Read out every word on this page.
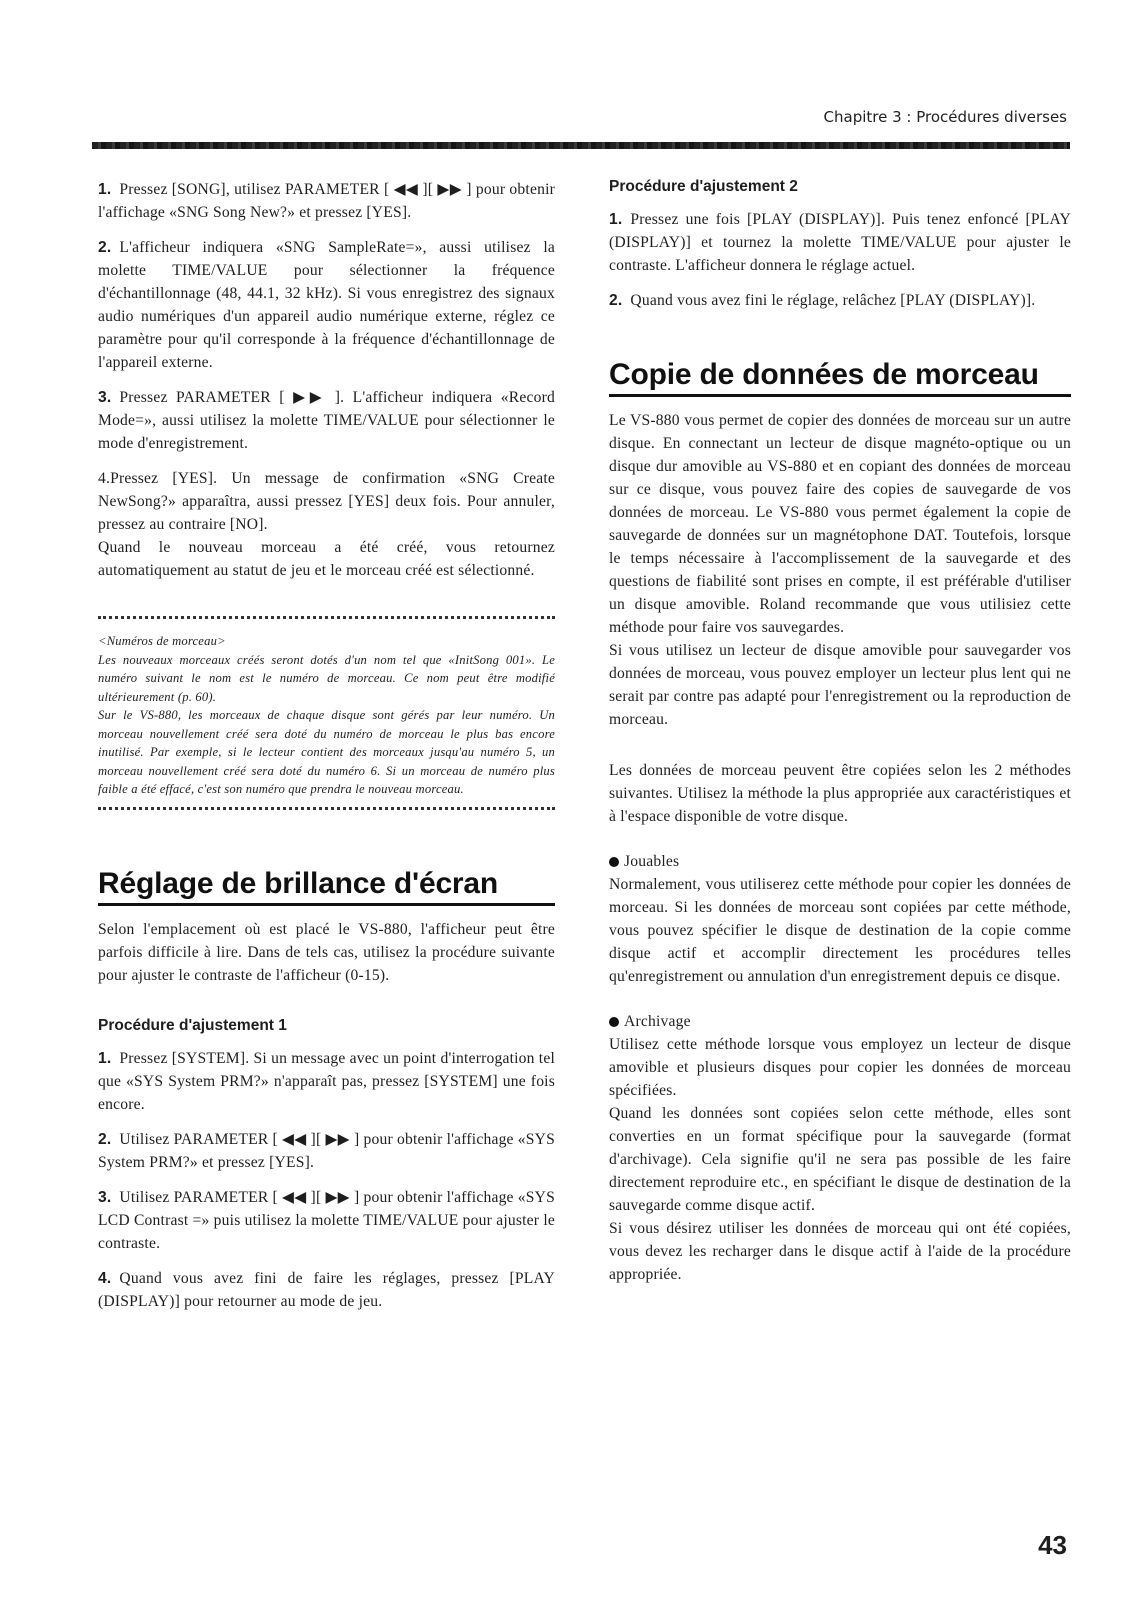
Chapitre 3 : Procédures diverses

1. Pressez [SONG], utilisez PARAMETER [ ◀◀ ][ ▶▶ ] pour obtenir l'affichage «SNG Song New?» et pressez [YES].

2. L'afficheur indiquera «SNG SampleRate=», aussi utilisez la molette TIME/VALUE pour sélectionner la fréquence d'échantillonnage (48, 44.1, 32 kHz). Si vous enregistrez des signaux audio numériques d'un appareil audio numérique externe, réglez ce paramètre pour qu'il corresponde à la fréquence d'échantillonnage de l'appareil externe.

3. Pressez PARAMETER [ ▶▶ ]. L'afficheur indiquera «Record Mode=», aussi utilisez la molette TIME/VALUE pour sélectionner le mode d'enregistrement.

4.Pressez [YES]. Un message de confirmation «SNG Create NewSong?» apparaîtra, aussi pressez [YES] deux fois. Pour annuler, pressez au contraire [NO].

Quand le nouveau morceau a été créé, vous retournez automatiquement au statut de jeu et le morceau créé est sélectionné.

<Numéros de morceau>

Les nouveaux morceaux créés seront dotés d'un nom tel que «InitSong 001». Le numéro suivant le nom est le numéro de morceau. Ce nom peut être modifié ultérieurement (p. 60).

Sur le VS-880, les morceaux de chaque disque sont gérés par leur numéro. Un morceau nouvellement créé sera doté du numéro de morceau le plus bas encore inutilisé. Par exemple, si le lecteur contient des morceaux jusqu'au numéro 5, un morceau nouvellement créé sera doté du numéro 6. Si un morceau de numéro plus faible a été effacé, c'est son numéro que prendra le nouveau morceau.

Réglage de brillance d'écran

Selon l'emplacement où est placé le VS-880, l'afficheur peut être parfois difficile à lire. Dans de tels cas, utilisez la procédure suivante pour ajuster le contraste de l'afficheur (0-15).

Procédure d'ajustement 1

1. Pressez [SYSTEM]. Si un message avec un point d'interrogation tel que «SYS System PRM?» n'apparaît pas, pressez [SYSTEM] une fois encore.

2. Utilisez PARAMETER [ ◀◀ ][ ▶▶ ] pour obtenir l'affichage «SYS System PRM?» et pressez [YES].

3. Utilisez PARAMETER [ ◀◀ ][ ▶▶ ] pour obtenir l'affichage «SYS LCD Contrast =» puis utilisez la molette TIME/VALUE pour ajuster le contraste.

4. Quand vous avez fini de faire les réglages, pressez [PLAY (DISPLAY)] pour retourner au mode de jeu.

Procédure d'ajustement 2

1. Pressez une fois [PLAY (DISPLAY)]. Puis tenez enfoncé [PLAY (DISPLAY)] et tournez la molette TIME/VALUE pour ajuster le contraste. L'afficheur donnera le réglage actuel.

2. Quand vous avez fini le réglage, relâchez [PLAY (DISPLAY)].

Copie de données de morceau

Le VS-880 vous permet de copier des données de morceau sur un autre disque. En connectant un lecteur de disque magnéto-optique ou un disque dur amovible au VS-880 et en copiant des données de morceau sur ce disque, vous pouvez faire des copies de sauvegarde de vos données de morceau. Le VS-880 vous permet également la copie de sauvegarde de données sur un magnétophone DAT. Toutefois, lorsque le temps nécessaire à l'accomplissement de la sauvegarde et des questions de fiabilité sont prises en compte, il est préférable d'utiliser un disque amovible. Roland recommande que vous utilisiez cette méthode pour faire vos sauvegardes.

Si vous utilisez un lecteur de disque amovible pour sauvegarder vos données de morceau, vous pouvez employer un lecteur plus lent qui ne serait par contre pas adapté pour l'enregistrement ou la reproduction de morceau.

Les données de morceau peuvent être copiées selon les 2 méthodes suivantes. Utilisez la méthode la plus appropriée aux caractéristiques et à l'espace disponible de votre disque.

Jouables

Normalement, vous utiliserez cette méthode pour copier les données de morceau. Si les données de morceau sont copiées par cette méthode, vous pouvez spécifier le disque de destination de la copie comme disque actif et accomplir directement les procédures telles qu'enregistrement ou annulation d'un enregistrement depuis ce disque.

Archivage

Utilisez cette méthode lorsque vous employez un lecteur de disque amovible et plusieurs disques pour copier les données de morceau spécifiées.

Quand les données sont copiées selon cette méthode, elles sont converties en un format spécifique pour la sauvegarde (format d'archivage). Cela signifie qu'il ne sera pas possible de les faire directement reproduire etc., en spécifiant le disque de destination de la sauvegarde comme disque actif.

Si vous désirez utiliser les données de morceau qui ont été copiées, vous devez les recharger dans le disque actif à l'aide de la procédure appropriée.

43
